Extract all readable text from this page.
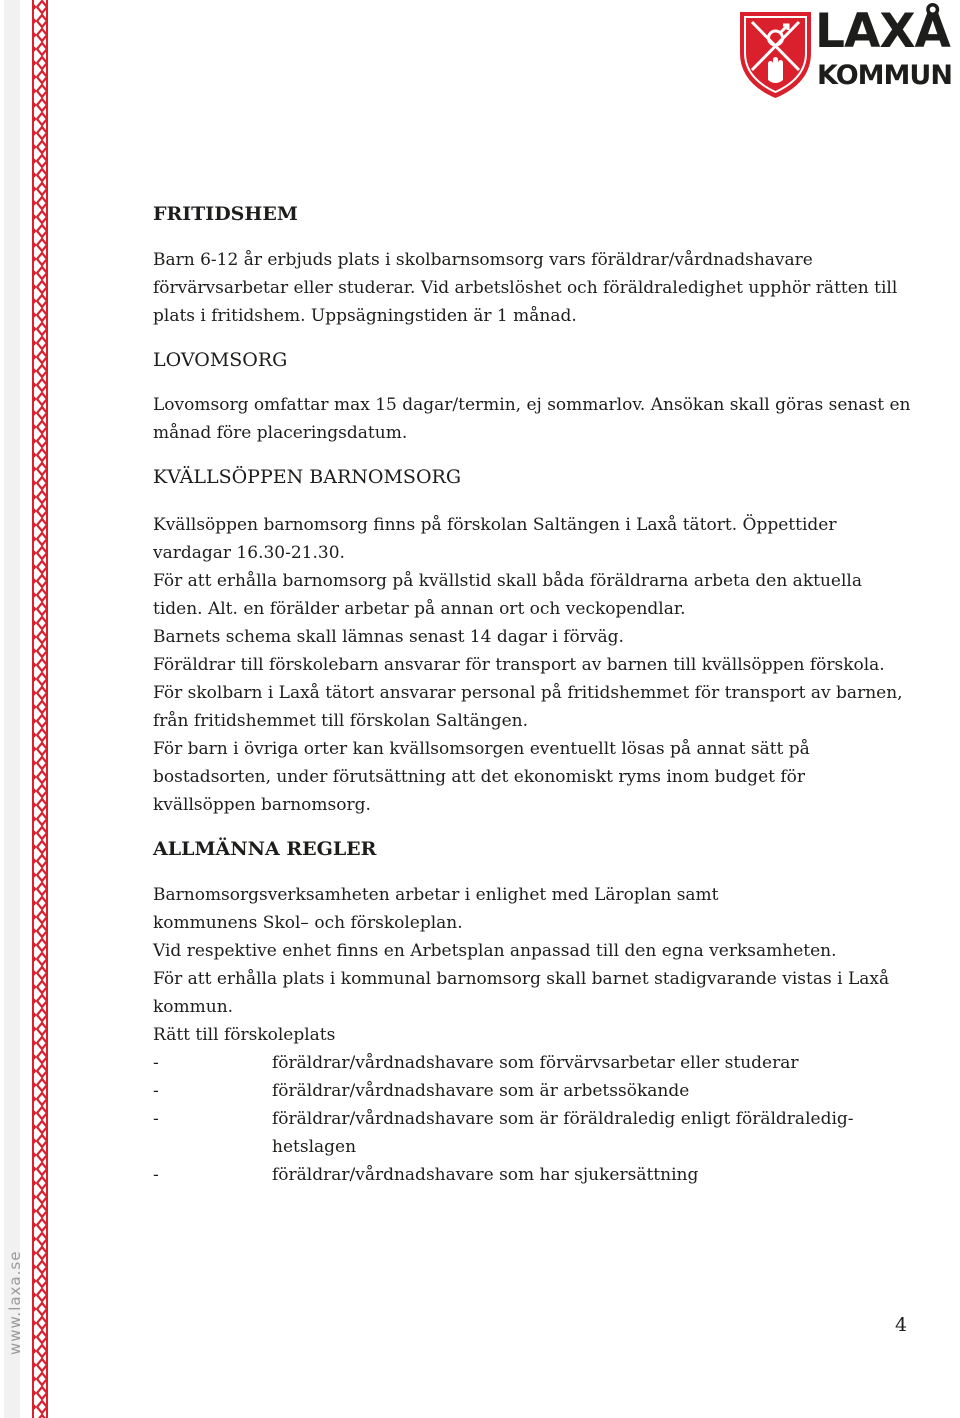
www.laxa.se
LAXÅ
KOMMUN
FRITIDSHEM

Barn 6-12 år erbjuds plats i skolbarnsomsorg vars föräldrar/vårdnadshavare förvärvsarbetar eller studerar. Vid arbetslöshet och föräldraledighet upphör rätten till plats i fritidshem. Uppsägningstiden är 1 månad.

LOVOMSORG

Lovomsorg omfattar max 15 dagar/termin, ej sommarlov. Ansökan skall göras senast en månad före placeringsdatum.

KVÄLLSÖPPEN BARNOMSORG

Kvällsöppen barnomsorg finns på förskolan Saltängen i Laxå tätort. Öppettider vardagar 16.30-21.30.

För att erhålla barnomsorg på kvällstid skall båda föräldrarna arbeta den aktuella tiden. Alt. en förälder arbetar på annan ort och veckopendlar.

Barnets schema skall lämnas senast 14 dagar i förväg.

Föräldrar till förskolebarn ansvarar för transport av barnen till kvällsöppen förskola.

För skolbarn i Laxå tätort ansvarar personal på fritidshemmet för transport av barnen, från fritidshemmet till förskolan Saltängen.

För barn i övriga orter kan kvällsomsorgen eventuellt lösas på annat sätt på bostadsorten, under förutsättning att det ekonomiskt ryms inom budget för kvällsöppen barnomsorg.

ALLMÄNNA REGLER

Barnomsorgsverksamheten arbetar i enlighet med Läroplan samt kommunens Skol– och förskoleplan.

Vid respektive enhet finns en Arbetsplan anpassad till den egna verksamheten.

För att erhålla plats i kommunal barnomsorg skall barnet stadigvarande vistas i Laxå kommun.

Rätt till förskoleplats

-	föräldrar/vårdnadshavare som förvärvsarbetar eller studerar
-	föräldrar/vårdnadshavare som är arbetssökande
-	föräldrar/vårdnadshavare som är föräldraledig enligt föräldraledig-
hetslagen
-	föräldrar/vårdnadshavare som har sjukersättning
4
